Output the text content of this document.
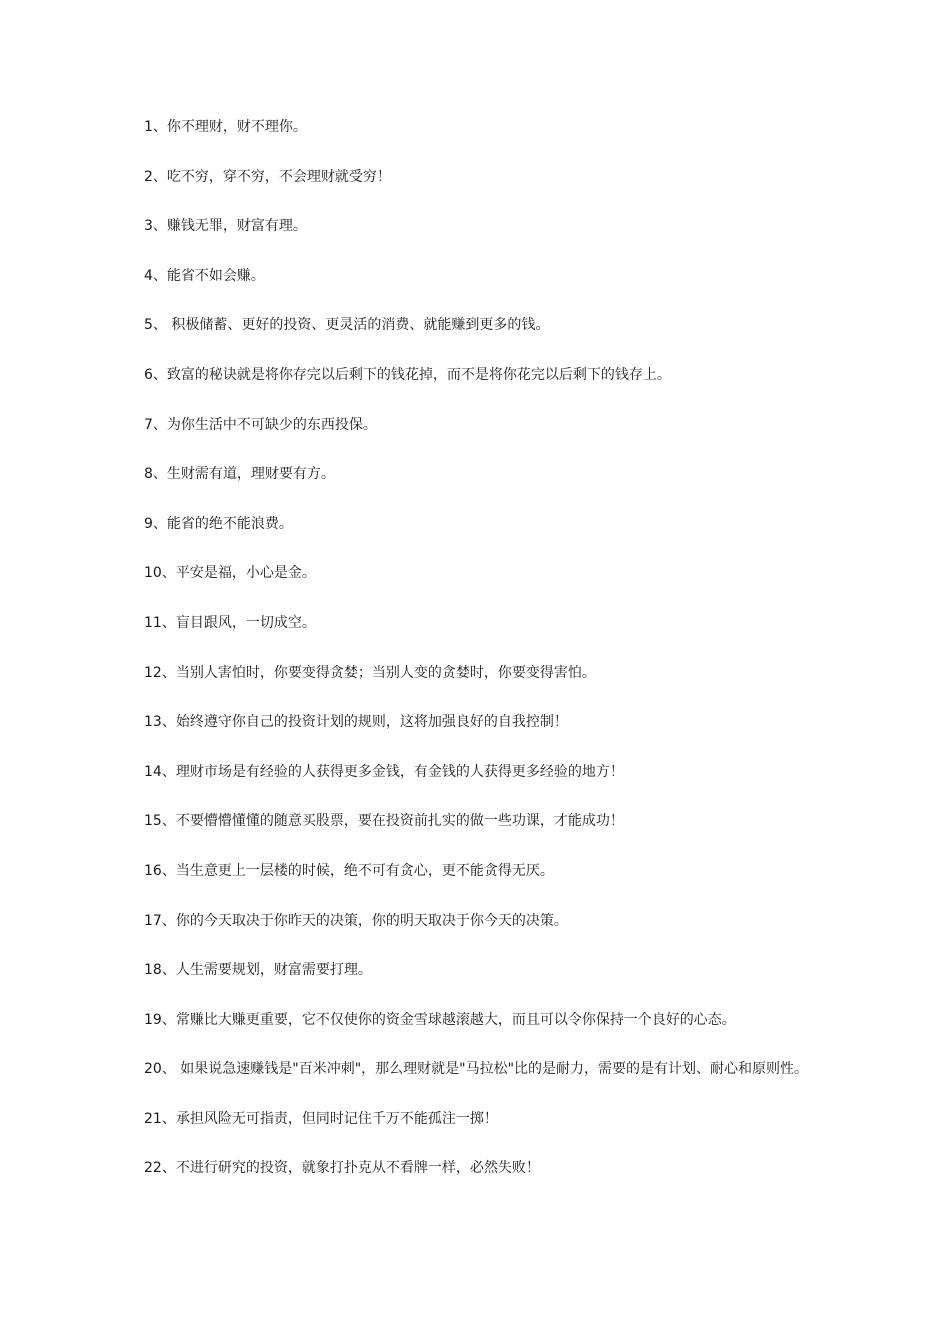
1、你不理财，财不理你。
2、吃不穷，穿不穷，不会理财就受穷！
3、赚钱无罪，财富有理。
4、能省不如会赚。
5、 积极储蓄、更好的投资、更灵活的消费、就能赚到更多的钱。
6、致富的秘诀就是将你存完以后剩下的钱花掉，而不是将你花完以后剩下的钱存上。
7、为你生活中不可缺少的东西投保。
8、生财需有道，理财要有方。
9、能省的绝不能浪费。
10、平安是福，小心是金。
11、盲目跟风，一切成空。
12、当别人害怕时，你要变得贪婪；当别人变的贪婪时，你要变得害怕。
13、始终遵守你自己的投资计划的规则，这将加强良好的自我控制！
14、理财市场是有经验的人获得更多金钱，有金钱的人获得更多经验的地方！
15、不要懵懵懂懂的随意买股票，要在投资前扎实的做一些功课，才能成功！
16、当生意更上一层楼的时候，绝不可有贪心，更不能贪得无厌。
17、你的今天取决于你昨天的决策，你的明天取决于你今天的决策。
18、人生需要规划，财富需要打理。
19、常赚比大赚更重要，它不仅使你的资金雪球越滚越大，而且可以令你保持一个良好的心态。
20、 如果说急速赚钱是"百米冲刺"，那么理财就是"马拉松"比的是耐力，需要的是有计划、耐心和原则性。
21、承担风险无可指责，但同时记住千万不能孤注一掷！
22、不进行研究的投资，就象打扑克从不看牌一样，必然失败！
